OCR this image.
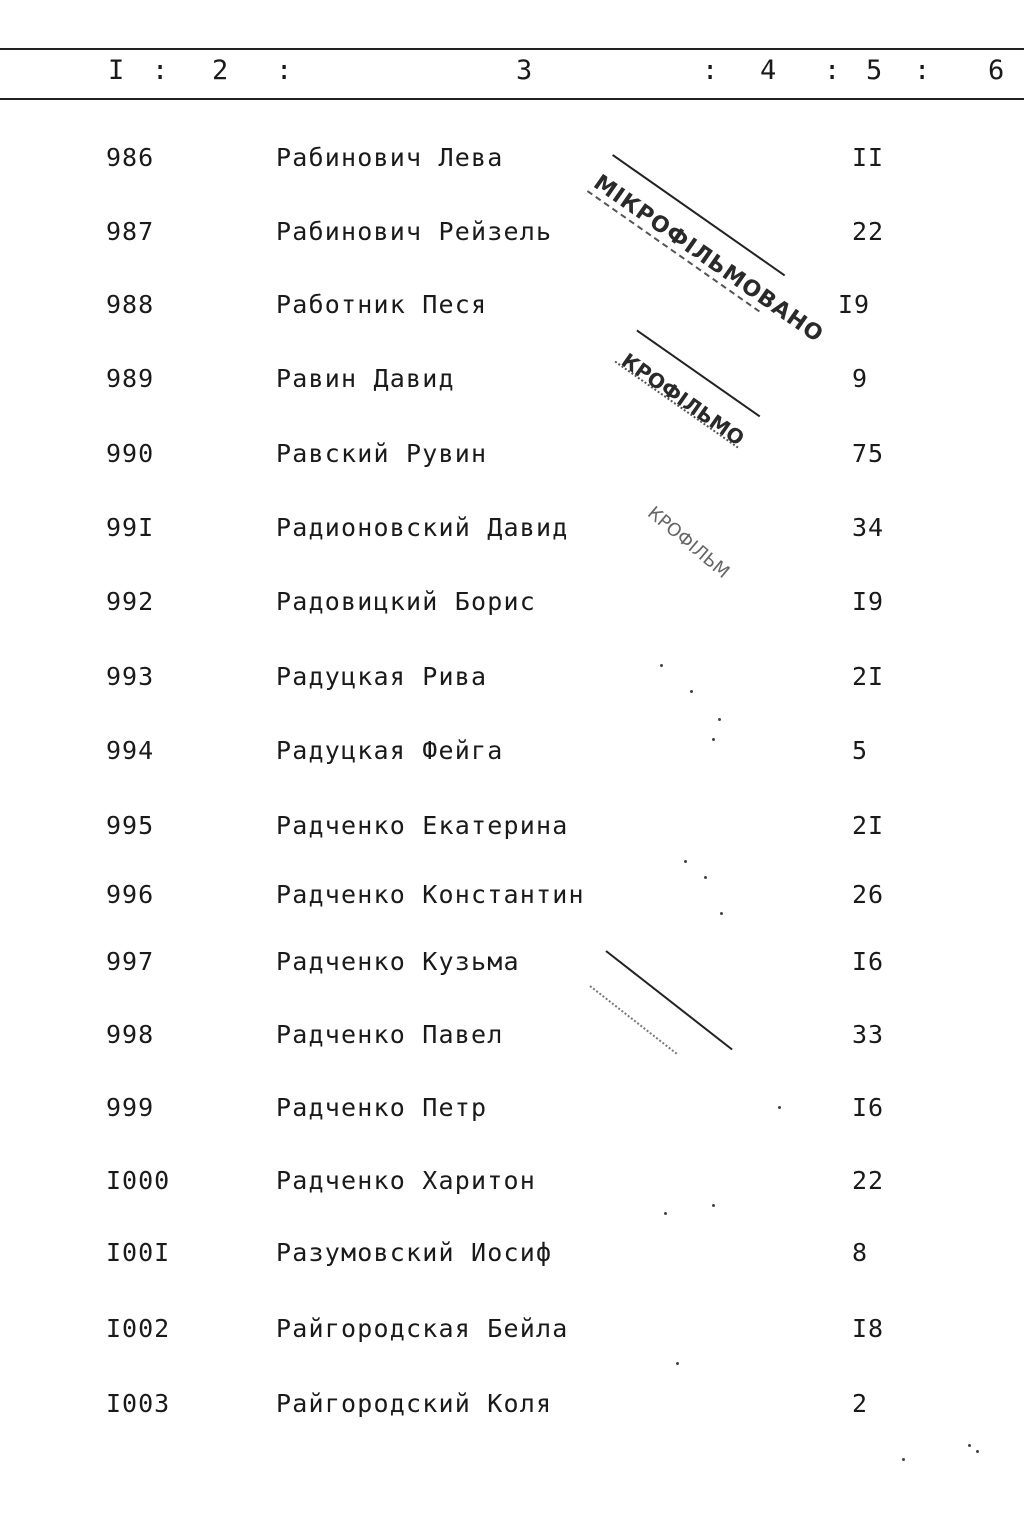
I : 2 :	3	: 4 : 5 : 6
986	Рабинович Лева	II
987	Рабинович Рейзель	22
988	Работник Песя	I9
989	Равин Давид	9
990	Равский Рувин	75
99I	Радионовский Давид	34
992	Радовицкий Борис	I9
993	Радуцкая Рива	2I
994	Радуцкая Фейга	5
995	Радченко Екатерина	2I
996	Радченко Константин	26
997	Радченко Кузьма	I6
998	Радченко Павел	33
999	Радченко Петр	I6
I000	Радченко Харитон	22
I00I	Разумовский Иосиф	8
I002	Райгородская Бейла	I8
I003	Райгородский Коля	2
МІКРОФІЛЬМОВАНО
КРОФІЛЬМО
КРОФІЛЬМ
